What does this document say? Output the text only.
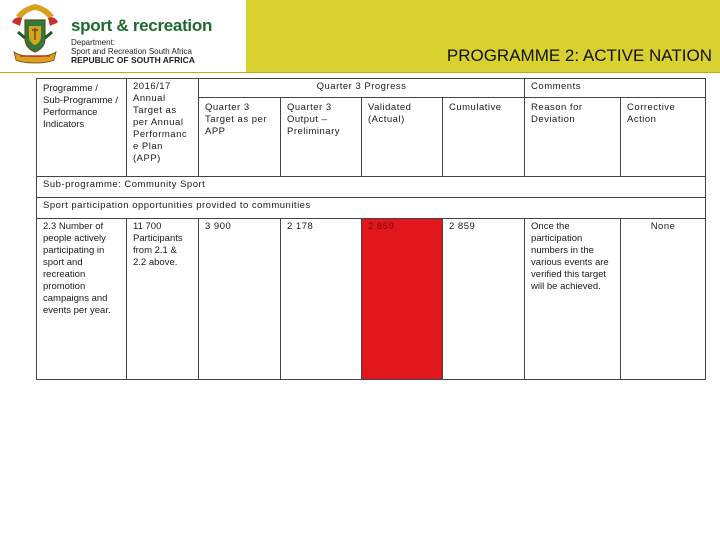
sport & recreation
Department:
Sport and Recreation South Africa
REPUBLIC OF SOUTH AFRICA	PROGRAMME 2: ACTIVE NATION
Programme / Sub-Programme / Performance Indicators	2016/17 Annual Target as per Annual Performanc e Plan (APP)	Quarter 3 Progress				Comments	
		Quarter 3 Target as per APP	Quarter 3 Output – Preliminary	Validated (Actual)	Cumulative	Reason for Deviation	Corrective Action
Sub-programme: Community Sport							
Sport participation opportunities provided to communities							
2.3 Number of people actively participating in sport and recreation promotion campaigns and events per year.	11 700 Participants from 2.1 & 2.2 above.	3 900	2 178	2 859	2 859	Once the participation numbers in the various events are verified this target will be achieved.	None
